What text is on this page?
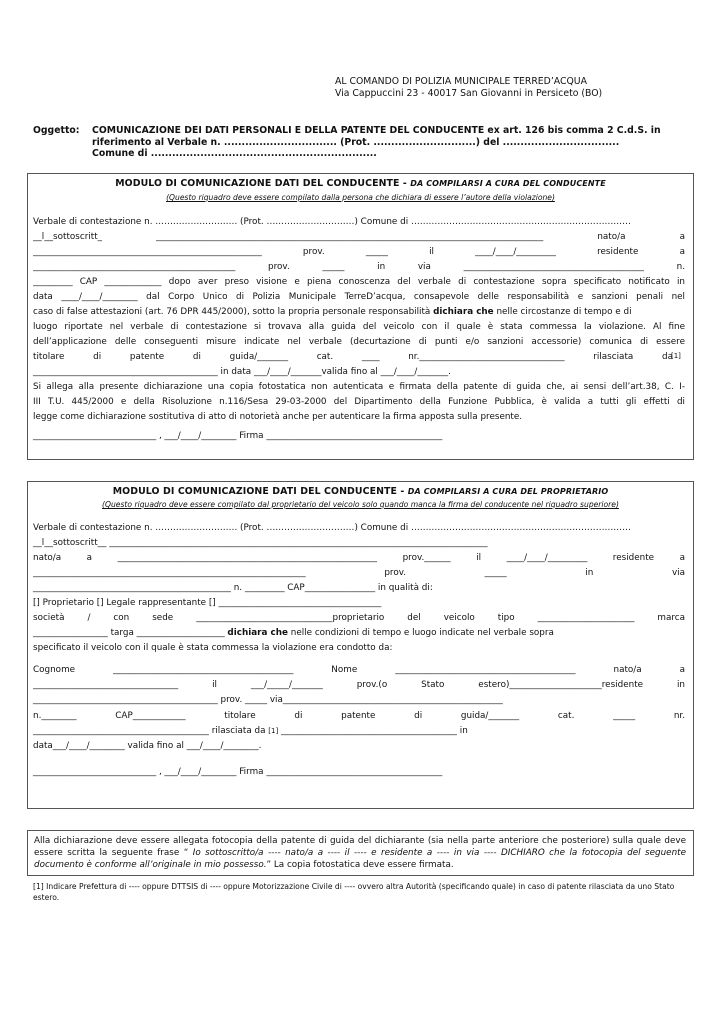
AL COMANDO DI POLIZIA MUNICIPALE TERRED’ACQUA
Via Cappuccini 23 - 40017 San Giovanni in Persiceto (BO)
Oggetto: COMUNICAZIONE DEI DATI PERSONALI E DELLA PATENTE DEL CONDUCENTE ex art. 126 bis comma 2 C.d.S. in
riferimento al Verbale n. ................................ (Prot. .............................) del .................................
Comune di ................................................................
MODULO DI COMUNICAZIONE DATI DEL CONDUCENTE - DA COMPILARSI A CURA DEL CONDUCENTE
(Questo riquadro deve essere compilato dalla persona che dichiara di essere l’autore della violazione)
Verbale di contestazione n. ………………………. (Prot. …………………………) Comune di …………………………………………………………………
__l__sottoscritt_ ________________________________________________________________________________________ nato/a a
____________________________________________________ prov. _____ il ____/____/_________ residente a
______________________________________________ prov. _____ in via _________________________________________ n.
_________ CAP _____________ dopo aver preso visione e piena conoscenza del verbale di contestazione sopra specificato notificato in
data ____/____/________ dal Corpo Unico di Polizia Municipale TerreD’acqua, consapevole delle responsabilità e sanzioni penali nel
caso di false attestazioni (art. 76 DPR 445/2000), sotto la propria personale responsabilità dichiara che nelle circostanze di tempo e di
luogo riportate nel verbale di contestazione si trovava alla guida del veicolo con il quale è stata commessa la violazione. Al fine
dell’applicazione delle conseguenti misure indicate nel verbale (decurtazione di punti e/o sanzioni accessorie) comunica di essere
titolare di patente di guida/_______ cat. ____ nr._________________________________ rilasciata da
[1]
__________________________________________ in data ___/____/_______valida fino al ___/____/_______.
Si allega alla presente dichiarazione una copia fotostatica non autenticata e firmata della patente di guida che, ai sensi dell’art.38, C. I-
III T.U. 445/2000 e della Risoluzione n.116/Sesa 29-03-2000 del Dipartimento della Funzione Pubblica, è valida a tutti gli effetti di
legge come dichiarazione sostitutiva di atto di notorietà anche per autenticare la firma apposta sulla presente.
____________________________ , ___/____/________ Firma ________________________________________
MODULO DI COMUNICAZIONE DATI DEL CONDUCENTE - DA COMPILARSI A CURA DEL PROPRIETARIO
(Questo riquadro deve essere compilato dal proprietario del veicolo solo quando manca la firma del conducente nel riquadro superiore)
Verbale di contestazione n. ………………………. (Prot. …………………………) Comune di …………………………………………………………………
__l__sottoscritt__ ______________________________________________________________________________________
nato/a a ___________________________________________________________ prov.______ il ____/____/_________ residente a
______________________________________________________________ prov. _____ in via
_____________________________________________ n. _________ CAP________________ in qualità di:
[] Proprietario [] Legale rappresentante [] _____________________________________
società / con sede _______________________________proprietario del veicolo tipo ______________________ marca
_________________ targa ____________________ dichiara che nelle condizioni di tempo e luogo indicate nel verbale sopra
specificato il veicolo con il quale è stata commessa la violazione era condotto da:
Cognome _________________________________________ Nome _________________________________________ nato/a a
_________________________________ il ___/_____/_______ prov.(o Stato estero)_____________________residente in
__________________________________________ prov. _____ via__________________________________________________
n.________ CAP____________ titolare di patente di guida/_______ cat. _____ nr.
________________________________________ rilasciata da [1] ________________________________________ in
data___/____/________ valida fino al ___/____/________.
____________________________ , ___/____/________ Firma ________________________________________
Alla dichiarazione deve essere allegata fotocopia della patente di guida del dichiarante (sia nella parte anteriore che posteriore) sulla quale deve essere scritta la seguente frase “ Io sottoscritto/a ---- nato/a a ---- il ---- e residente a ---- in via ---- DICHIARO che la fotocopia del seguente documento è conforme all’originale in mio possesso.” La copia fotostatica deve essere firmata.
[1] Indicare Prefettura di ---- oppure DTTSIS di ---- oppure Motorizzazione Civile di ---- ovvero altra Autorità (specificando quale) in caso di patente rilasciata da uno Stato estero.
